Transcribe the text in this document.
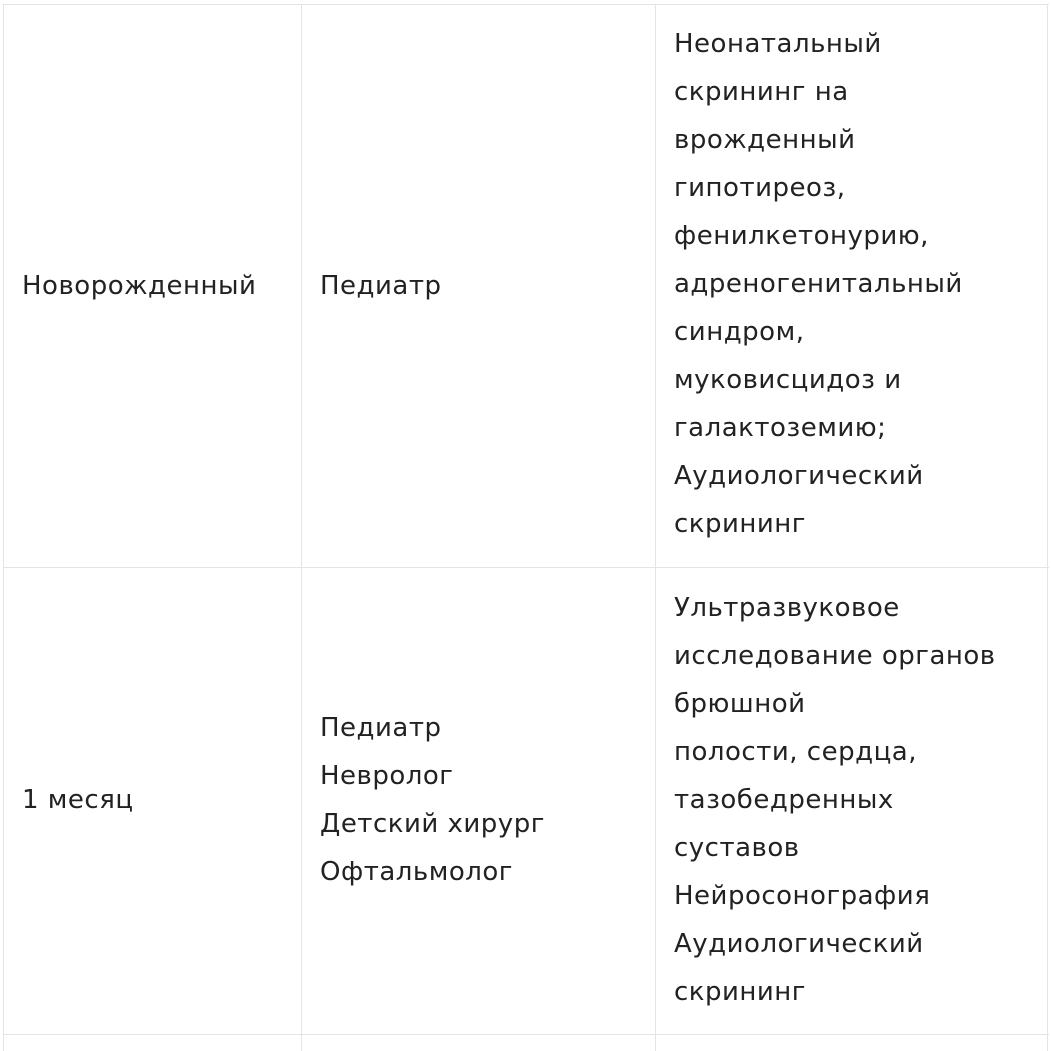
Новорожденный Педиатр
Неонатальный
скрининг на
врожденный
гипотиреоз,
фенилкетонурию,
адреногенитальный
синдром,
муковисцидоз и
галактоземию;
Аудиологический
скрининг
1 месяц
Педиатр
Невролог
Детский хирург
Офтальмолог
Ультразвуковое
исследование органов
брюшной
полости, сердца,
тазобедренных
суставов
Нейросонография
Аудиологический
скрининг
